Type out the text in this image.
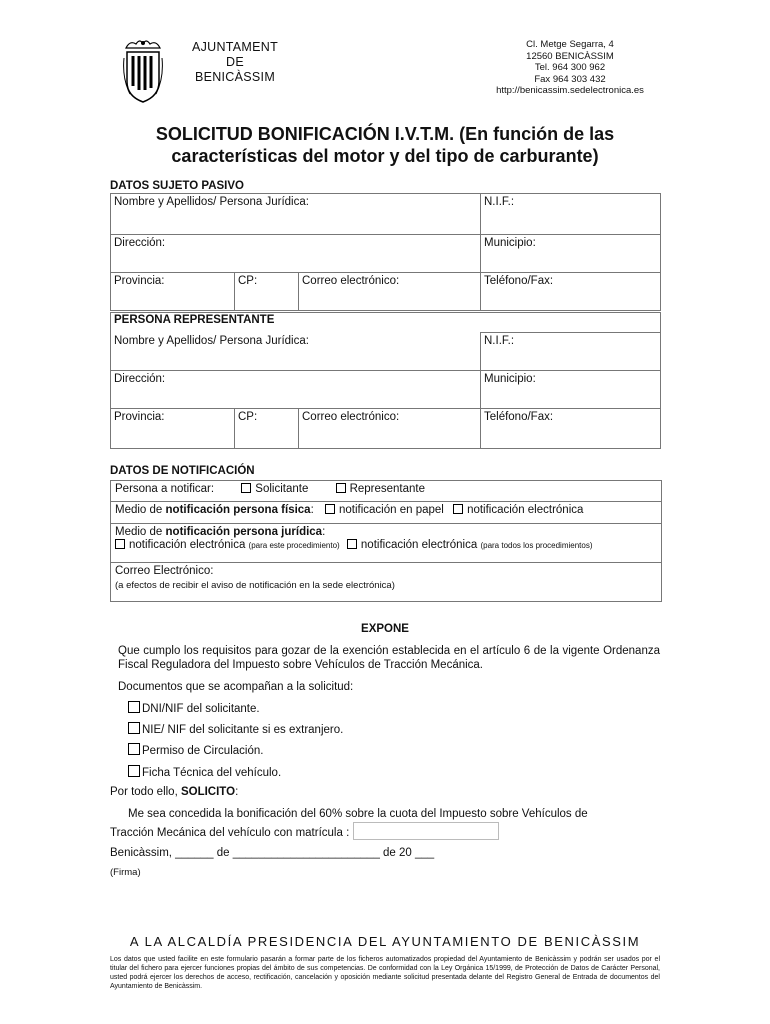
AJUNTAMENT
DE
BENICÀSSIM
Cl. Metge Segarra, 4
12560 BENICÀSSIM
Tel. 964 300 962
Fax 964 303 432
http://benicassim.sedelectronica.es
SOLICITUD BONIFICACIÓN I.V.T.M. (En función de las
características del motor y del tipo de carburante)
DATOS SUJETO PASIVO
Nombre y Apellidos/ Persona Jurídica:			N.I.F.:
Dirección:			Municipio:
Provincia:	CP:	Correo electrónico:	Teléfono/Fax:
PERSONA REPRESENTANTE			
Nombre y Apellidos/ Persona Jurídica:			N.I.F.:
Dirección:			Municipio:
Provincia:	CP:	Correo electrónico:	Teléfono/Fax:
DATOS DE NOTIFICACIÓN
Persona a notificar:	Solicitante	Representante
Medio de notificación persona física: notificación en papel notificación electrónica
Medio de notificación persona jurídica:
notificación electrónica (para este procedimiento) notificación electrónica (para todos los procedimientos)
Correo Electrónico:
(a efectos de recibir el aviso de notificación en la sede electrónica)
EXPONE
Que cumplo los requisitos para gozar de la exención establecida en el artículo 6 de la vigente Ordenanza Fiscal Reguladora del Impuesto sobre Vehículos de Tracción Mecánica.
Documentos que se acompañan a la solicitud:
DNI/NIF del solicitante.
NIE/ NIF del solicitante si es extranjero.
Permiso de Circulación.
Ficha Técnica del vehículo.
Por todo ello, SOLICITO:
Me sea concedida la bonificación del 60% sobre la cuota del Impuesto sobre Vehículos de
Tracción Mecánica del vehículo con matrícula :
Benicàssim, ______ de _______________________ de 20 ___
(Firma)
A LA ALCALDÍA PRESIDENCIA DEL AYUNTAMIENTO DE BENICÀSSIM
Los datos que usted facilite en este formulario pasarán a formar parte de los ficheros automatizados propiedad del Ayuntamiento de Benicàssim y podrán ser usados por el titular del fichero para ejercer funciones propias del ámbito de sus competencias. De conformidad con la Ley Orgánica 15/1999, de Protección de Datos de Carácter Personal, usted podrá ejercer los derechos de acceso, rectificación, cancelación y oposición mediante solicitud presentada delante del Registro General de Entrada de documentos del Ayuntamiento de Benicàssim.
